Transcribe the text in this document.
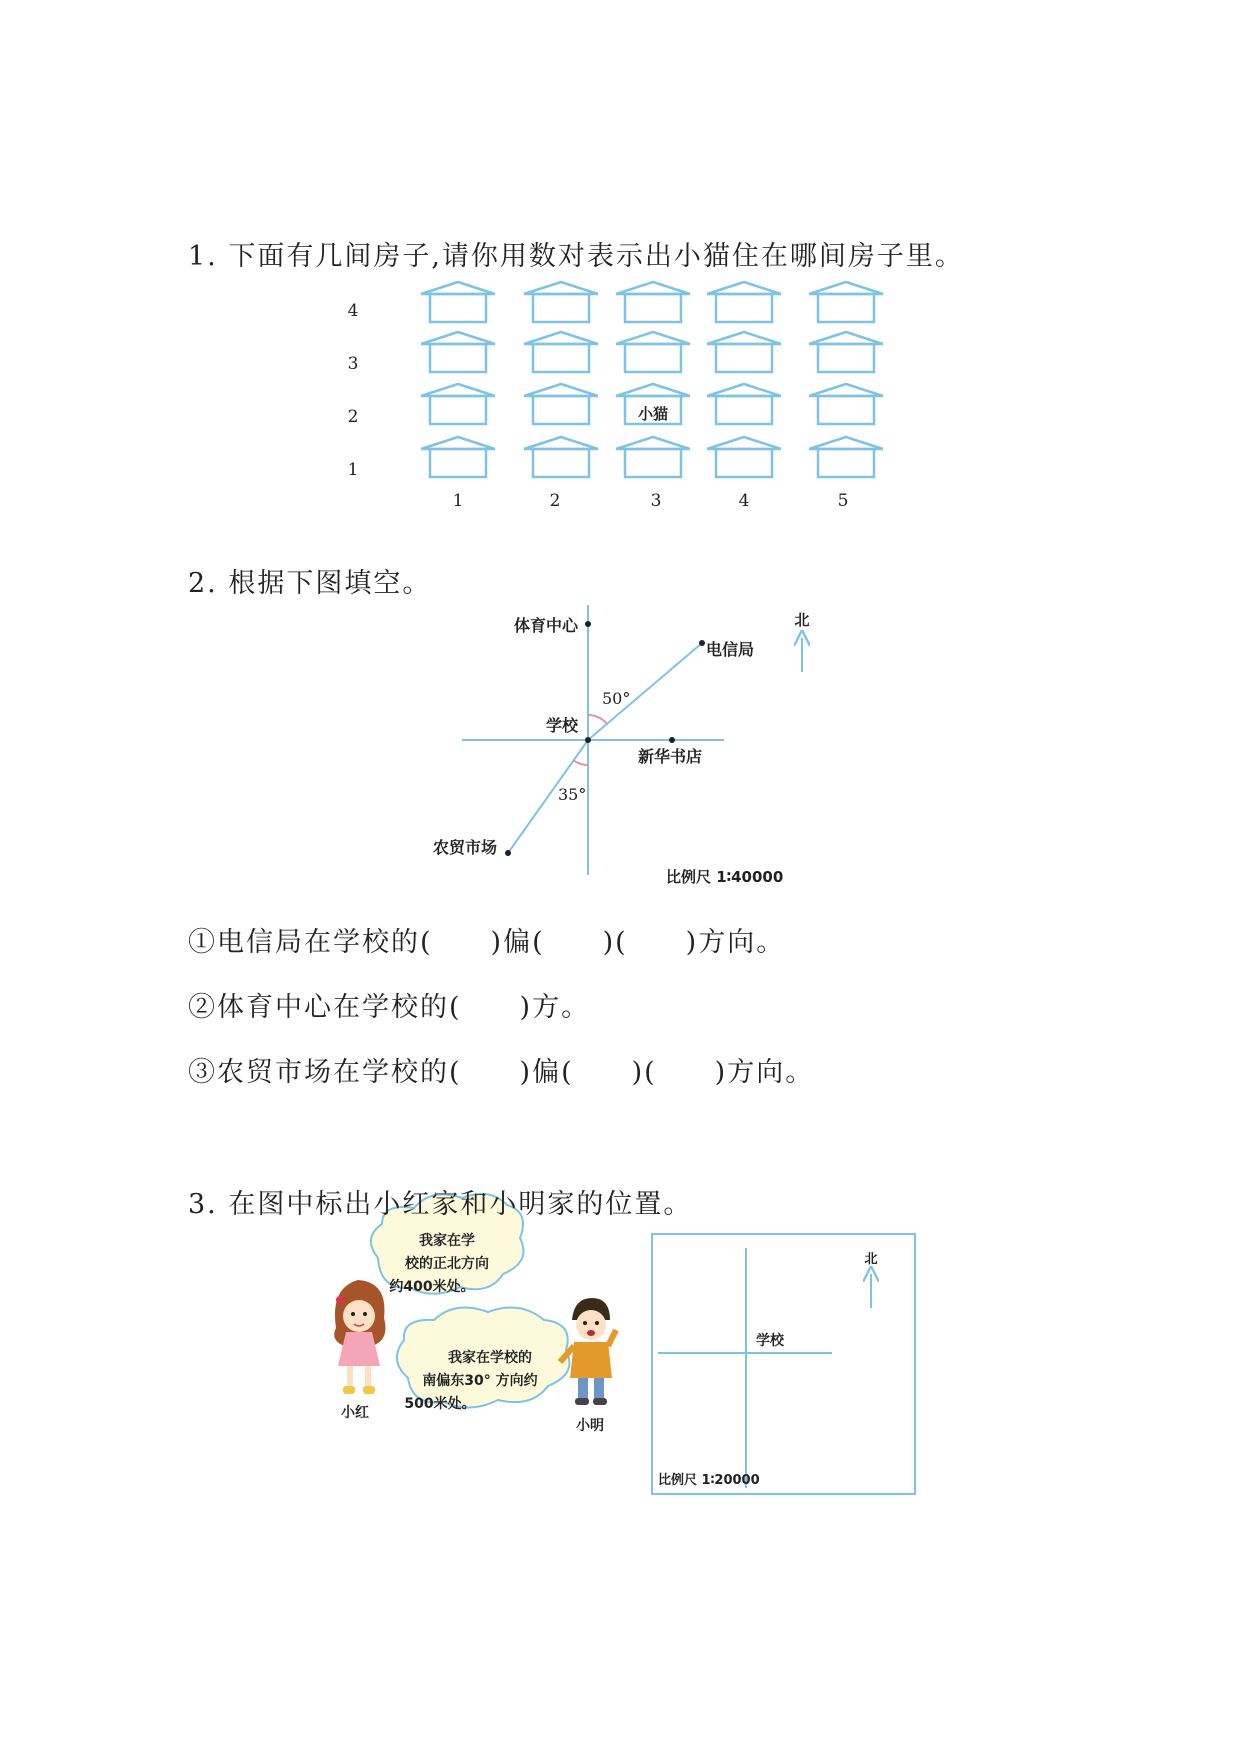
1. 下面有几间房子,请你用数对表示出小猫住在哪间房子里。
4
3
2
1
小猫
1	2	3	4	5
体育中心
电信局
50°
学校
新华书店
35°
农贸市场
北
比例尺 1∶40000
我家在学
校的正北方向
约400米处。
我家在学校的
南偏东30° 方向约
500米处。
小红
小明
北
学校
比例尺 1∶20000
2. 根据下图填空。
①电信局在学校的(　　)偏(　　)(　　)方向。
②体育中心在学校的(　　)方。
③农贸市场在学校的(　　)偏(　　)(　　)方向。
3. 在图中标出小红家和小明家的位置。
